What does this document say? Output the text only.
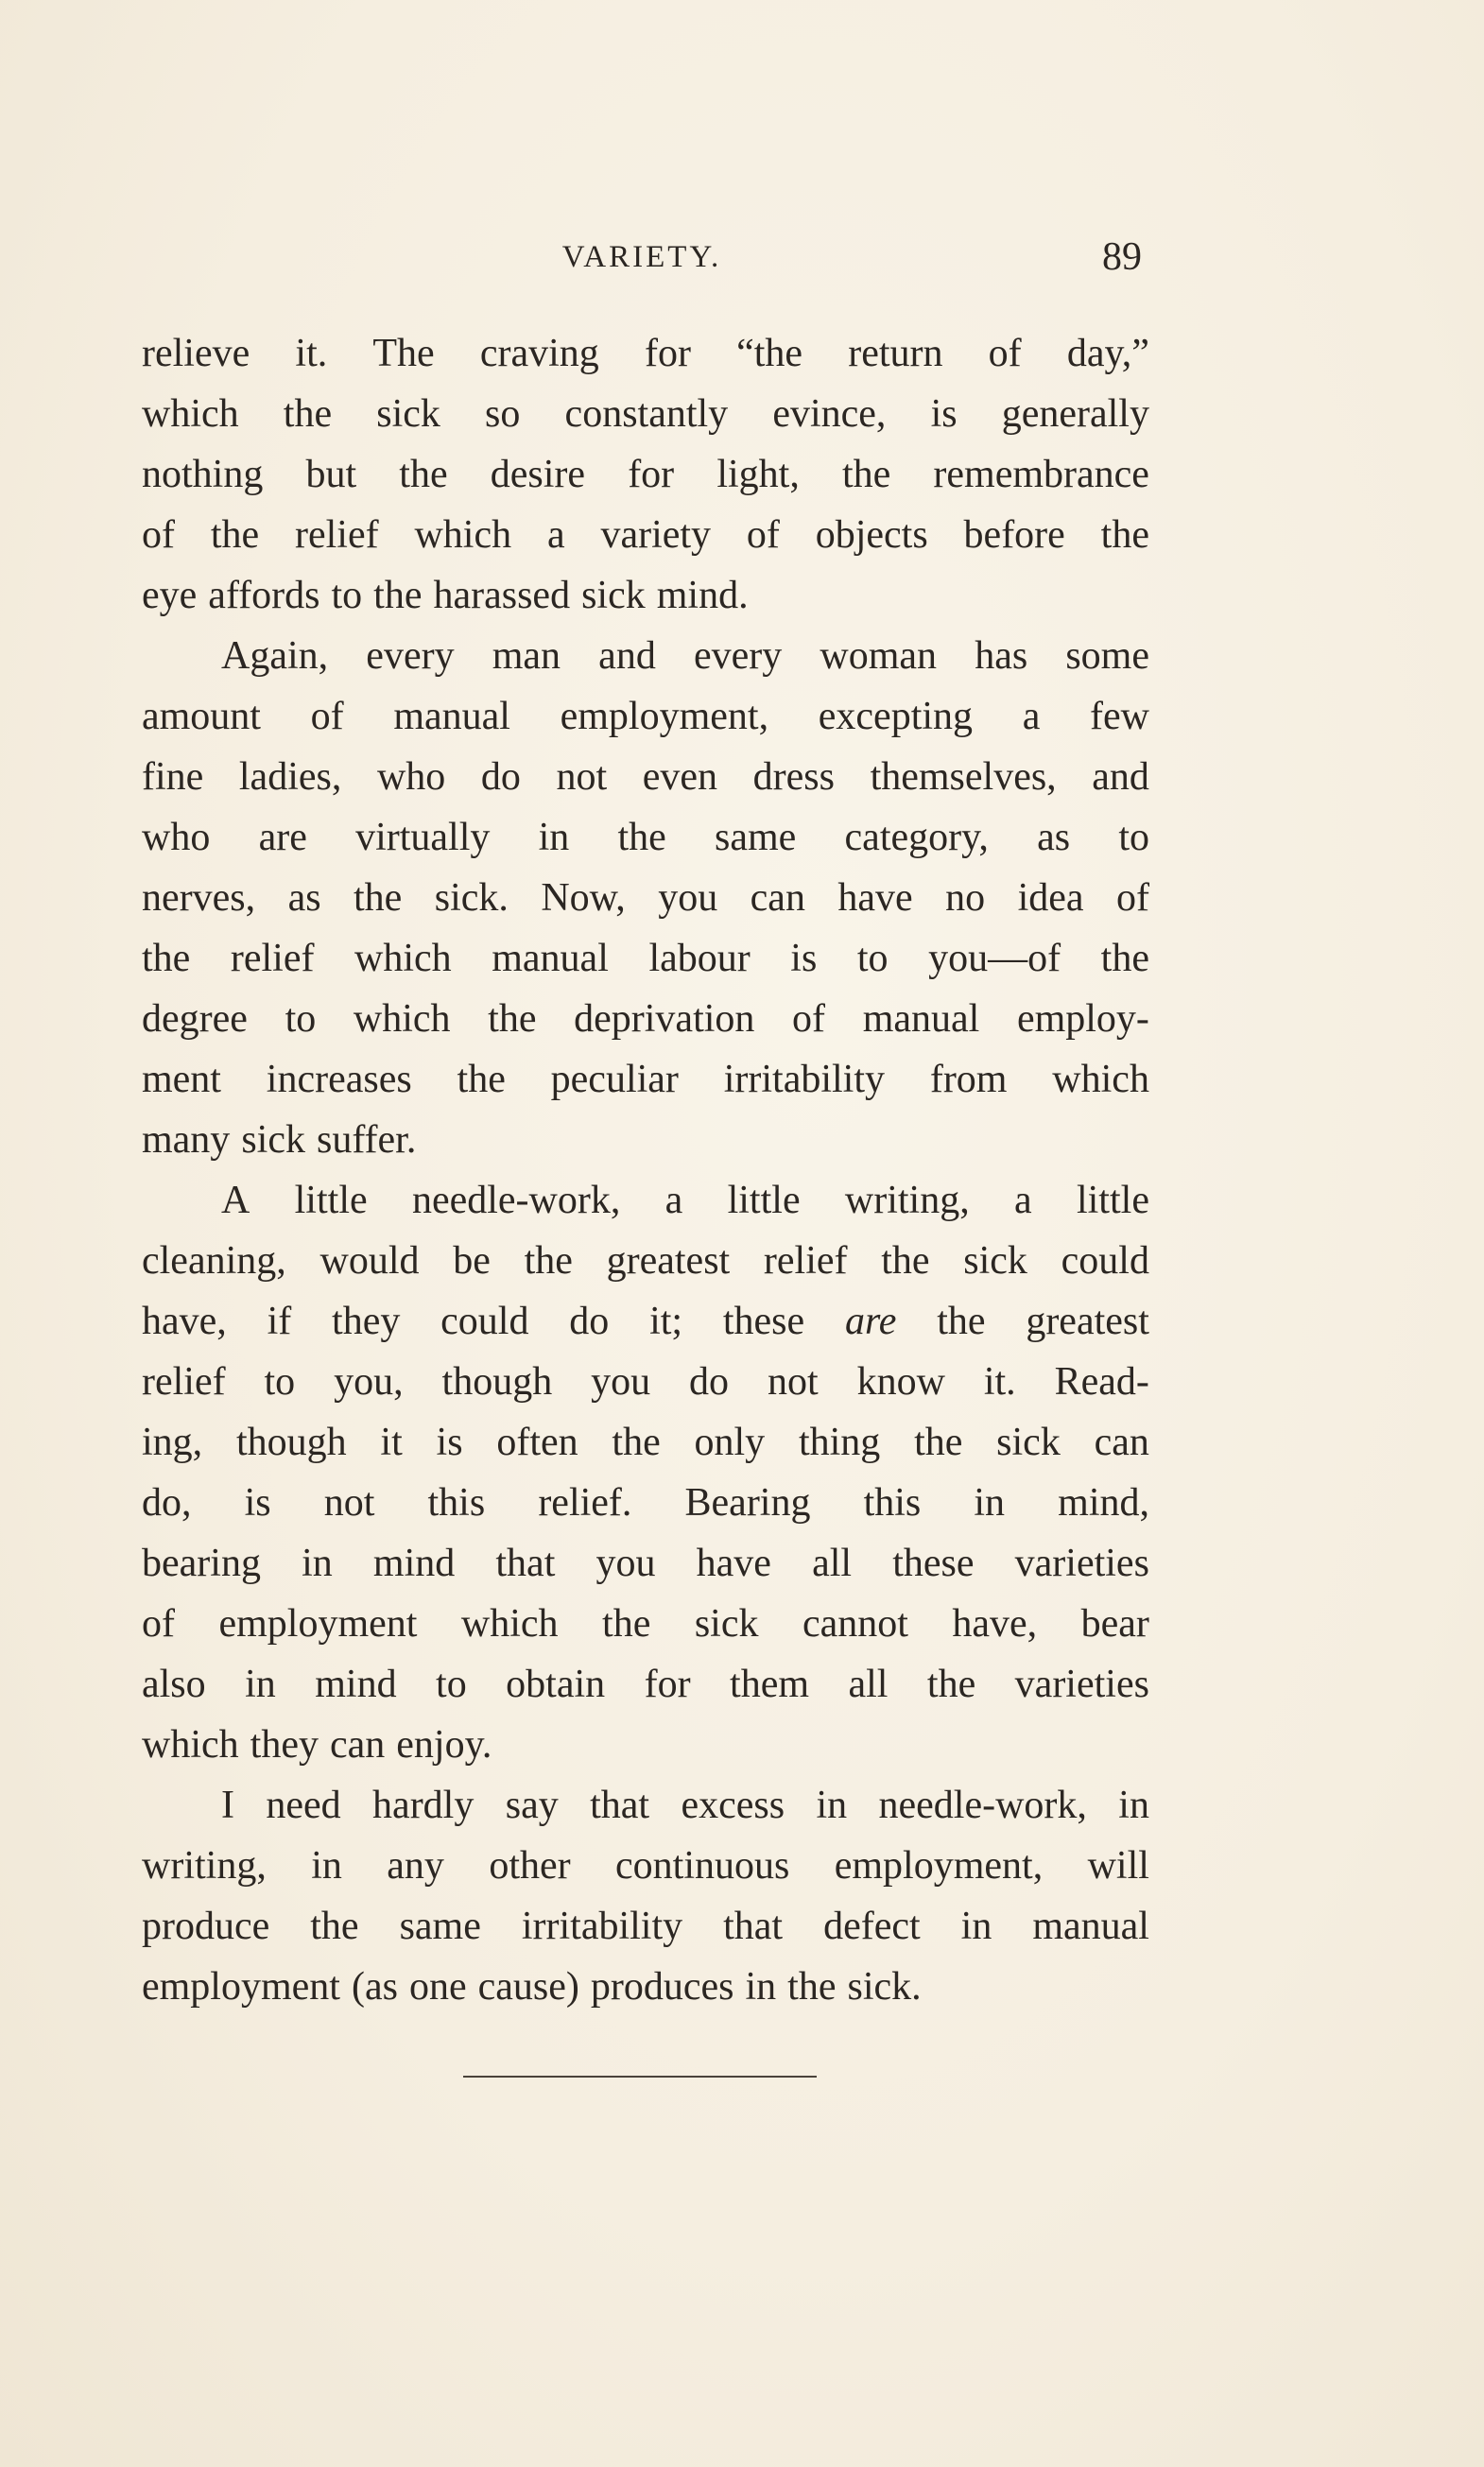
VARIETY.	89
relieve it. The craving for “the return of day,”
which the sick so constantly evince, is generally
nothing but the desire for light, the remembrance
of the relief which a variety of objects before the
eye affords to the harassed sick mind.
Again, every man and every woman has some
amount of manual employment, excepting a few
fine ladies, who do not even dress themselves, and
who are virtually in the same category, as to
nerves, as the sick. Now, you can have no idea of
the relief which manual labour is to you—of the
degree to which the deprivation of manual employ-
ment increases the peculiar irritability from which
many sick suffer.
A little needle-work, a little writing, a little
cleaning, would be the greatest relief the sick could
have, if they could do it; these are the greatest
relief to you, though you do not know it. Read-
ing, though it is often the only thing the sick can
do, is not this relief. Bearing this in mind,
bearing in mind that you have all these varieties
of employment which the sick cannot have, bear
also in mind to obtain for them all the varieties
which they can enjoy.
I need hardly say that excess in needle-work, in
writing, in any other continuous employment, will
produce the same irritability that defect in manual
employment (as one cause) produces in the sick.
